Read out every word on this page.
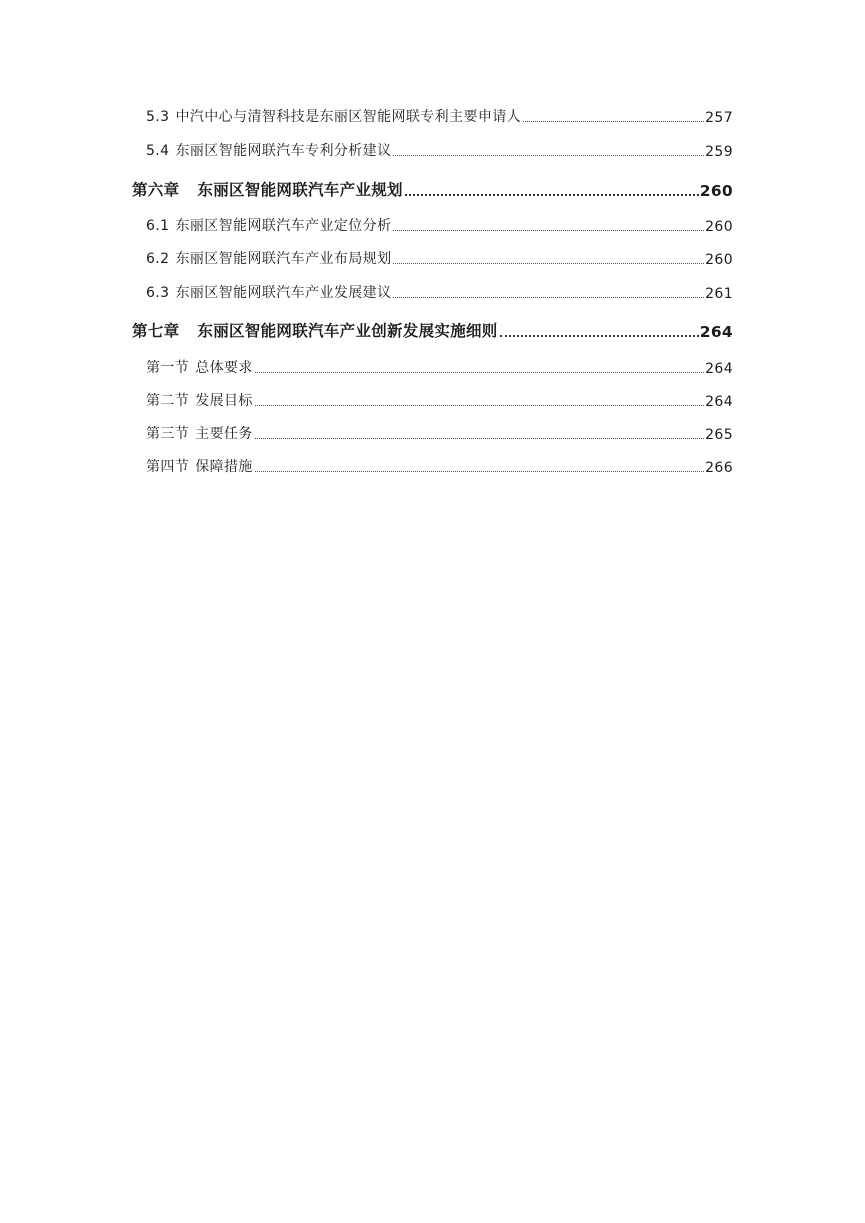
5.3 中汽中心与清智科技是东丽区智能网联专利主要申请人	257
5.4 东丽区智能网联汽车专利分析建议	259
第六章 东丽区智能网联汽车产业规划	260
6.1 东丽区智能网联汽车产业定位分析	260
6.2 东丽区智能网联汽车产业布局规划	260
6.3 东丽区智能网联汽车产业发展建议	261
第七章 东丽区智能网联汽车产业创新发展实施细则	264
第一节 总体要求	264
第二节 发展目标	264
第三节 主要任务	265
第四节 保障措施	266
